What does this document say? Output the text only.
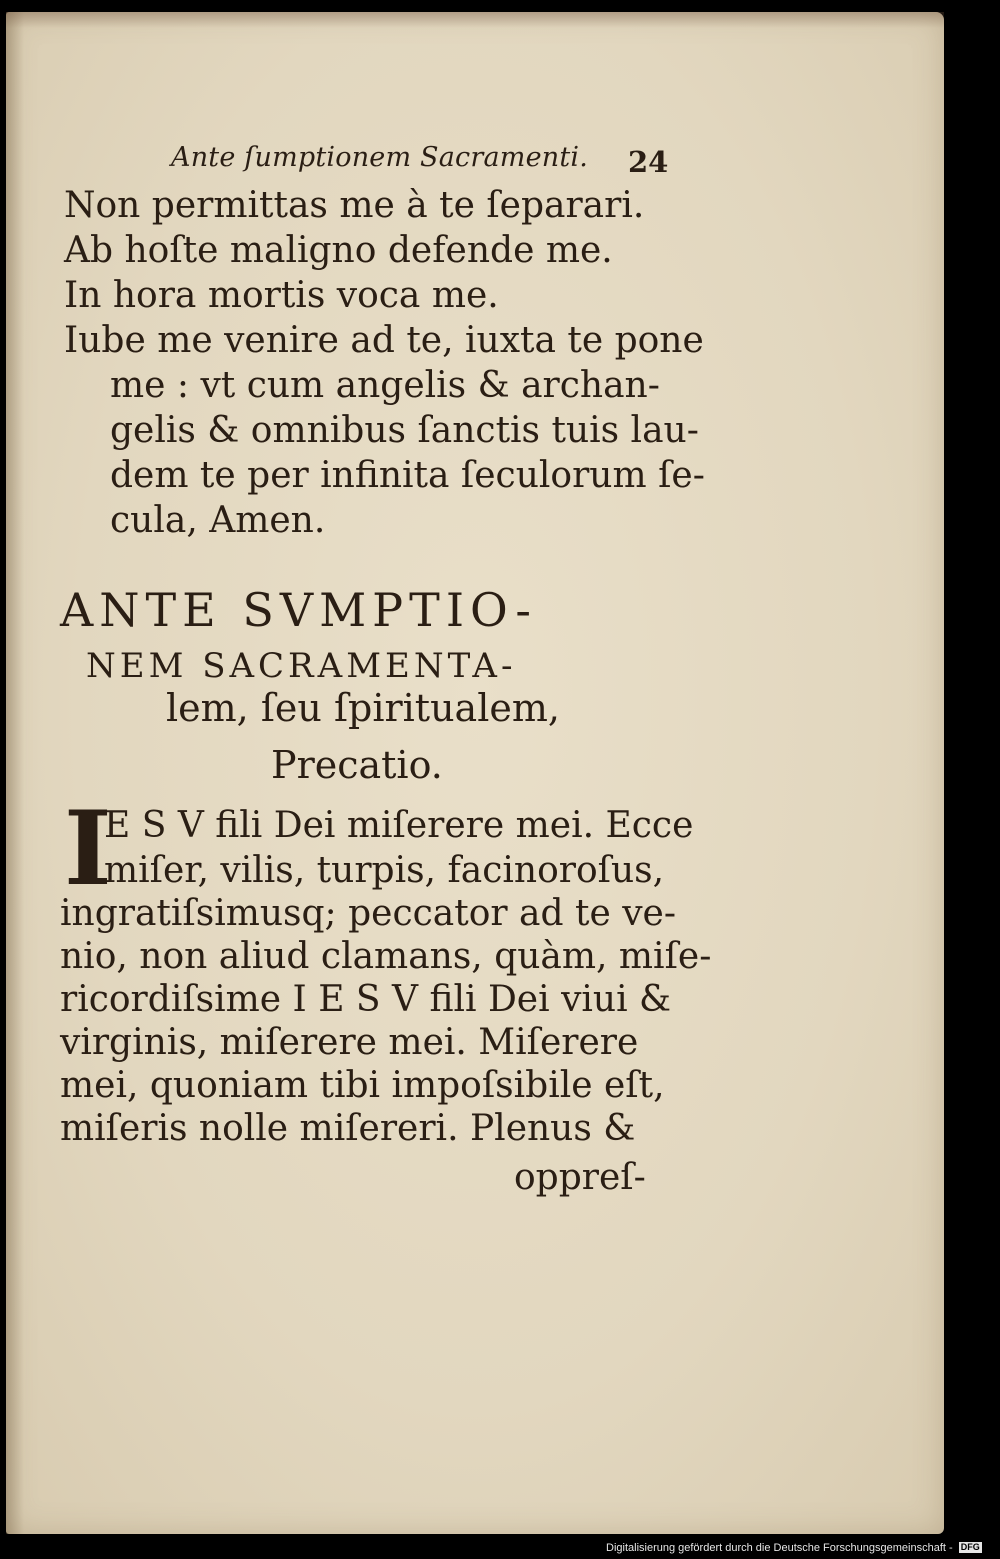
Ante ſumptionem Sacramenti. 24
Non permittas me à te ſeparari.
Ab hoſte maligno defende me.
In hora mortis voca me.
Iube me venire ad te, iuxta te pone
me : vt cum angelis & archan-
gelis & omnibus ſanctis tuis lau-
dem te per infinita ſeculorum ſe-
cula, Amen.
ANTE SVMPTIO-
NEM SACRAMENTA-
lem, ſeu ſpiritualem,
Precatio.
I
E S V fili Dei miſerere mei. Ecce
miſer, vilis, turpis, facinoroſus,
ingratiſsimusq; peccator ad te ve-
nio, non aliud clamans, quàm, miſe-
ricordiſsime I E S V fili Dei viui &
virginis, miſerere mei. Miſerere
mei, quoniam tibi impoſsibile eſt,
miſeris nolle miſereri. Plenus &
oppreſ-
Digitalisierung gefördert durch die Deutsche Forschungsgemeinschaft - DFG
